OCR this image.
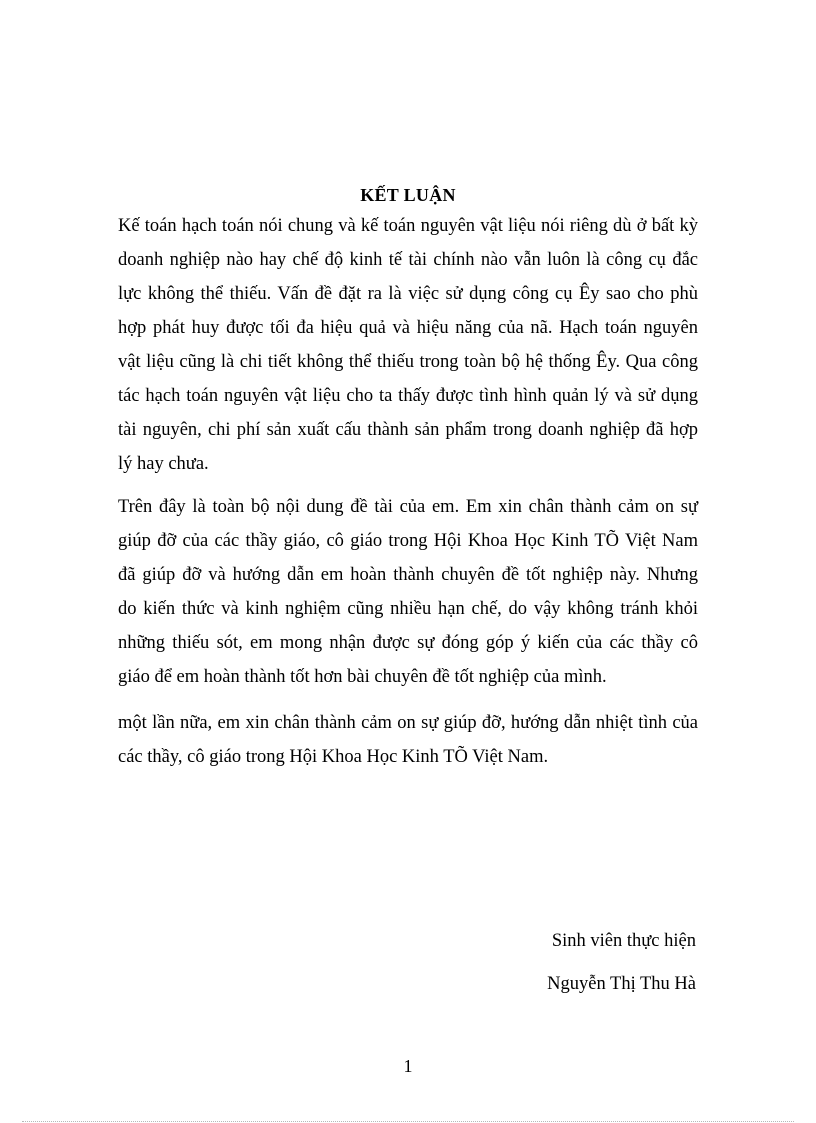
KẾT LUẬN
Kế toán hạch toán nói chung và kế toán nguyên vật liệu nói riêng dù ở bất kỳ
doanh nghiệp nào hay chế độ kinh tế tài chính nào vẫn luôn là công cụ đắc
lực không thể thiếu. Vấn đề đặt ra là việc sử dụng công cụ Êy sao cho phù
hợp phát huy được tối đa hiệu quả và hiệu năng của nã. Hạch toán nguyên
vật liệu cũng là chi tiết không thể thiếu trong toàn bộ hệ thống Êy. Qua công
tác hạch toán nguyên vật liệu cho ta thấy được tình hình quản lý và sử dụng
tài nguyên, chi phí sản xuất cấu thành sản phẩm trong doanh nghiệp đã hợp
lý hay chưa.
Trên đây là toàn bộ nội dung đề tài của em. Em xin chân thành cảm on sự
giúp đỡ của các thầy giáo, cô giáo trong Hội Khoa Học Kinh TÕ Việt Nam
đã giúp đỡ và hướng dẫn em hoàn thành chuyên đề tốt nghiệp này. Nhưng
do kiến thức và kinh nghiệm cũng nhiều hạn chế, do vậy không tránh khỏi
những thiếu sót, em mong nhận được sự đóng góp ý kiến của các thầy cô
giáo để em hoàn thành tốt hơn bài chuyên đề tốt nghiệp của mình.
một lần nữa, em xin chân thành cảm on sự giúp đỡ, hướng dẫn nhiệt tình của
các thầy, cô giáo trong Hội Khoa Học Kinh TÕ Việt Nam.
Sinh viên thực hiện
Nguyễn Thị Thu Hà
1
